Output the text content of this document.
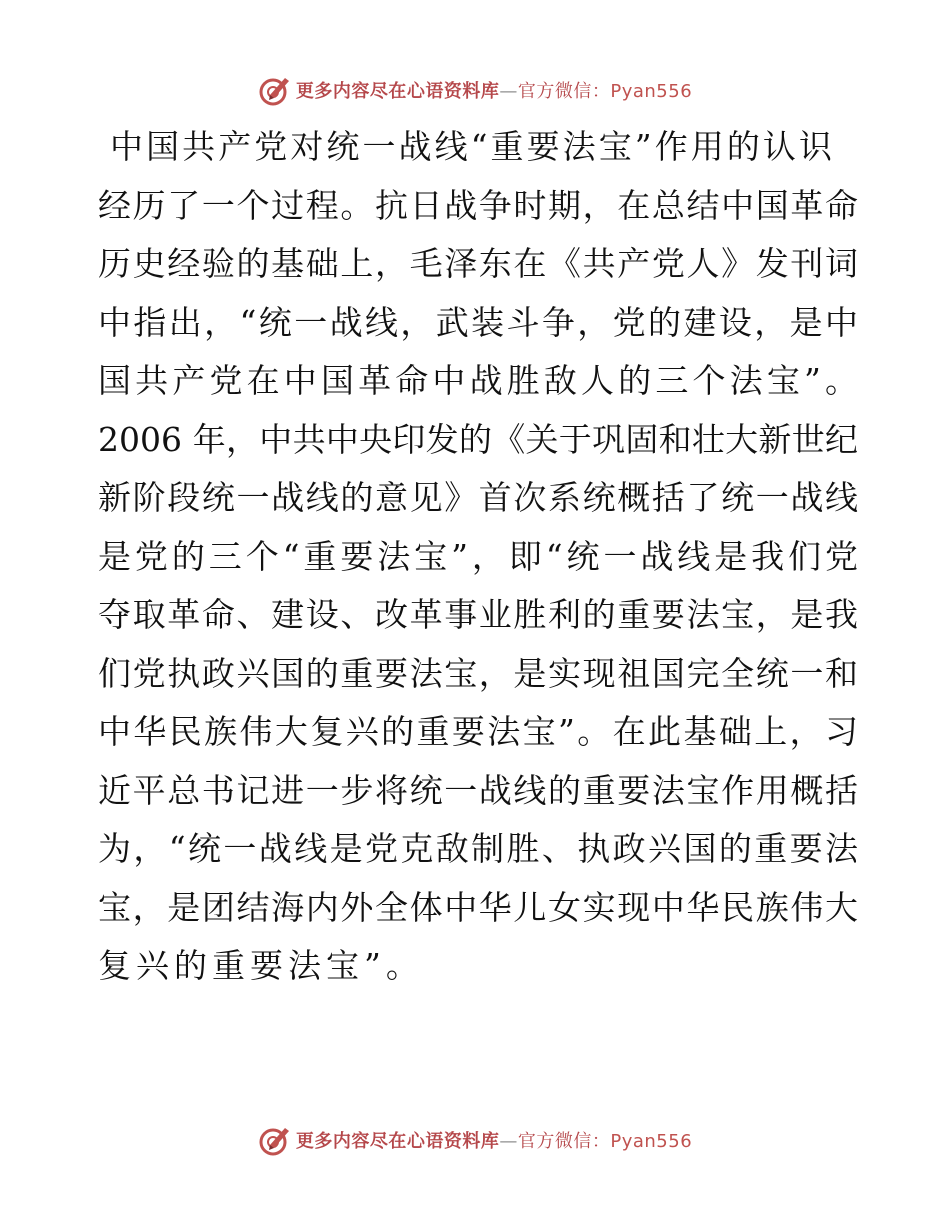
更多内容尽在心语资料库—官方微信：Pyan556
中国共产党对统一战线“重要法宝”作用的认识
经历了一个过程。抗日战争时期，在总结中国革命
历史经验的基础上，毛泽东在《共产党人》发刊词
中指出，“统一战线，武装斗争，党的建设，是中
国共产党在中国革命中战胜敌人的三个法宝”。
2006 年，中共中央印发的《关于巩固和壮大新世纪
新阶段统一战线的意见》首次系统概括了统一战线
是党的三个“重要法宝”，即“统一战线是我们党
夺取革命、建设、改革事业胜利的重要法宝，是我
们党执政兴国的重要法宝，是实现祖国完全统一和
中华民族伟大复兴的重要法宝”。在此基础上，习
近平总书记进一步将统一战线的重要法宝作用概括
为，“统一战线是党克敌制胜、执政兴国的重要法
宝，是团结海内外全体中华儿女实现中华民族伟大
复兴的重要法宝”。
更多内容尽在心语资料库—官方微信：Pyan556
